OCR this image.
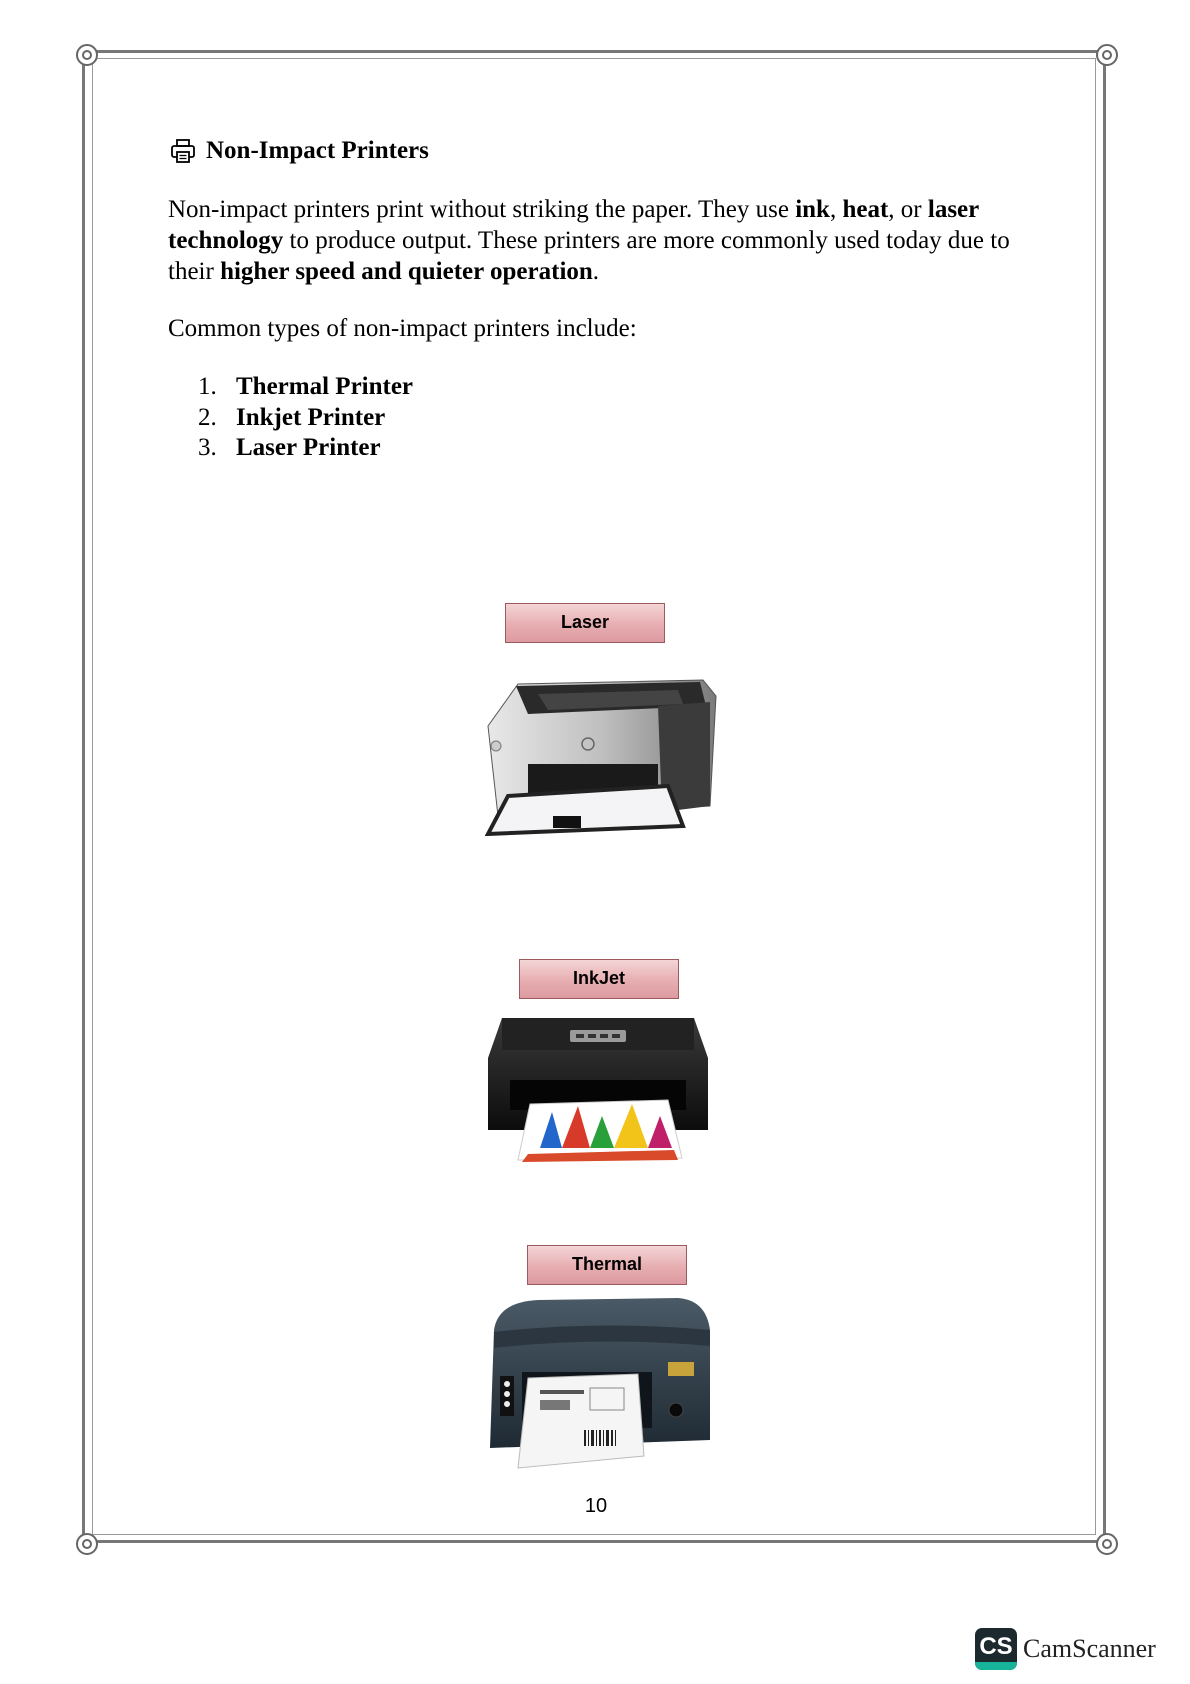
Non-Impact Printers

Non-impact printers print without striking the paper. They use ink, heat, or laser technology to produce output. These printers are more commonly used today due to their higher speed and quieter operation.

Common types of non-impact printers include:

1. Thermal Printer
2. Inkjet Printer
3. Laser Printer
Laser
InkJet
Thermal
10
CS CamScanner
